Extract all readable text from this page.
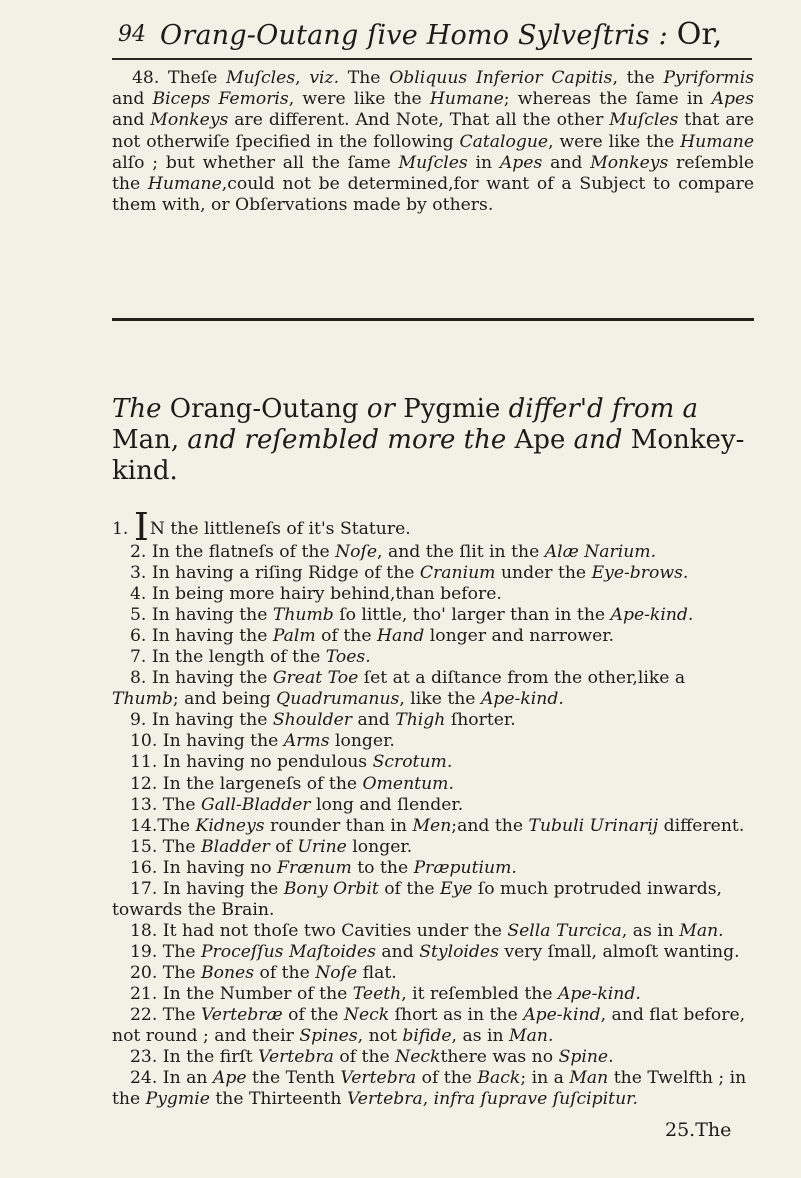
94 Orang-Outang ſive Homo Sylveſtris : Or,

48. Theſe Muſcles, viz. The Obliquus Inferior Capitis, the Pyriformis and Biceps Femoris, were like the Humane; whereas the ſame in Apes and Monkeys are different. And Note, That all the other Muſcles that are not otherwiſe ſpecified in the following Catalogue, were like the Humane alſo ; but whether all the ſame Muſcles in Apes and Monkeys reſemble the Humane,could not be determined,for want of a Subject to compare them with, or Obſervations made by others.

The Orang-Outang or Pygmie differ'd from a
Man, and reſembled more the Ape and Monkey-kind.

1. IN the littleneſs of it's Stature.

2. In the flatneſs of the Noſe, and the ſlit in the Alæ Narium.

3. In having a riſing Ridge of the Cranium under the Eye-brows.

4. In being more hairy behind,than before.

5. In having the Thumb ſo little, tho' larger than in the Ape-kind.

6. In having the Palm of the Hand longer and narrower.

7. In the length of the Toes.

8. In having the Great Toe ſet at a diſtance from the other,like a Thumb; and being Quadrumanus, like the Ape-kind.

9. In having the Shoulder and Thigh ſhorter.

10. In having the Arms longer.

11. In having no pendulous Scrotum.

12. In the largeneſs of the Omentum.

13. The Gall-Bladder long and ſlender.

14.The Kidneys rounder than in Men;and the Tubuli Urinarij different.

15. The Bladder of Urine longer.

16. In having no Frænum to the Præputium.

17. In having the Bony Orbit of the Eye ſo much protruded inwards, towards the Brain.

18. It had not thoſe two Cavities under the Sella Turcica, as in Man.

19. The Proceſſus Maſtoides and Styloides very ſmall, almoſt wanting.

20. The Bones of the Noſe flat.

21. In the Number of the Teeth, it reſembled the Ape-kind.

22. The Vertebræ of the Neck ſhort as in the Ape-kind, and flat before, not round ; and their Spines, not bifide, as in Man.

23. In the firſt Vertebra of the Neckthere was no Spine.

24. In an Ape the Tenth Vertebra of the Back; in a Man the Twelfth ; in the Pygmie the Thirteenth Vertebra, infra ſuprave ſuſcipitur.

25.The
